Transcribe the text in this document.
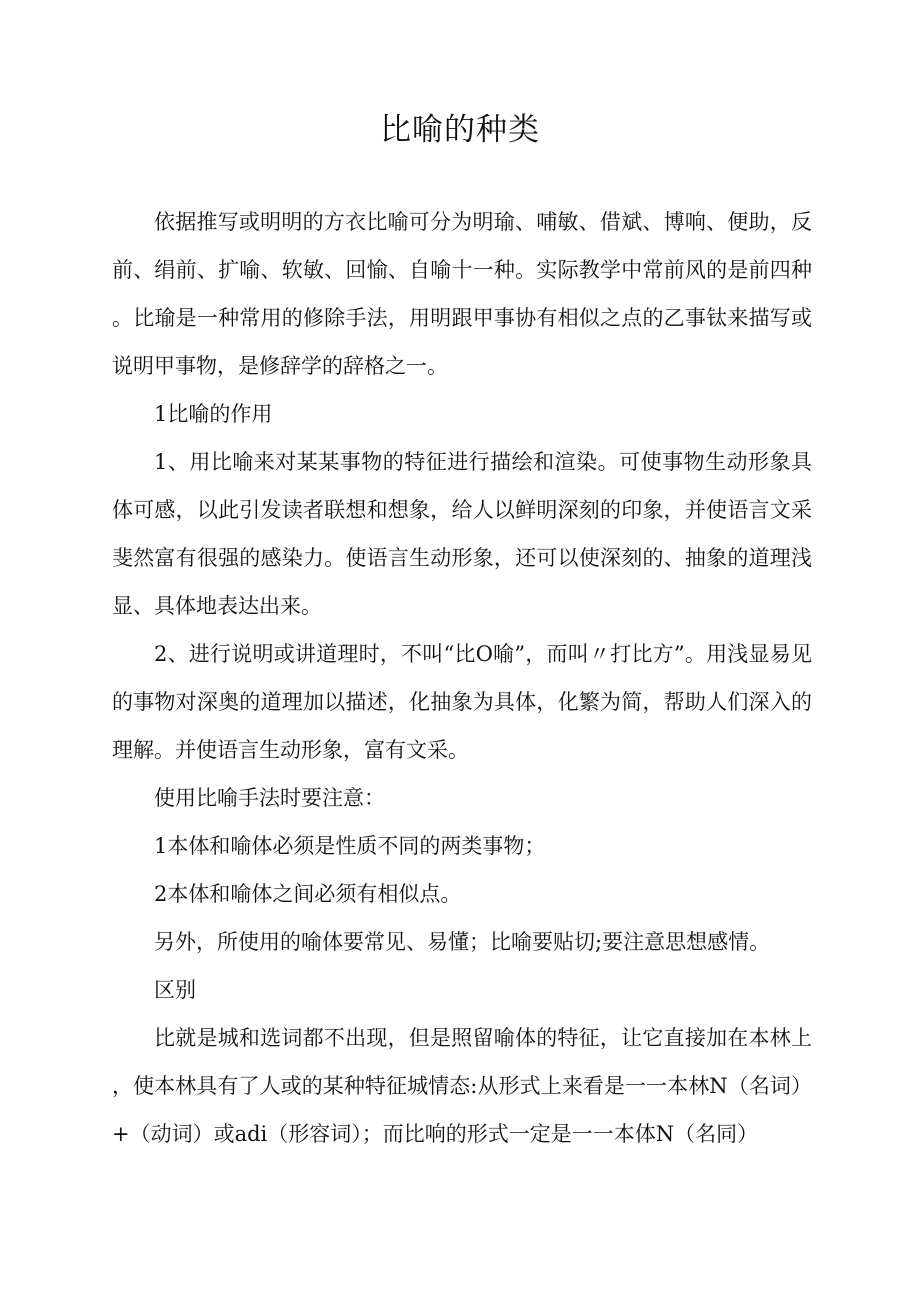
比喻的种类

依据推写或明明的方衣比喻可分为明瑜、哺敏、借斌、博响、便助，反前、绢前、扩喻、软敏、回愉、自喻十一种。实际教学中常前风的是前四种。比瑜是一种常用的修除手法，用明跟甲事协有相似之点的乙事钛来描写或说明甲事物，是修辞学的辞格之一。

1比喻的作用

1、用比喻来对某某事物的特征进行描绘和渲染。可使事物生动形象具体可感，以此引发读者联想和想象，给人以鲜明深刻的印象，并使语言文采斐然富有很强的感染力。使语言生动形象，还可以使深刻的、抽象的道理浅显、具体地表达出来。

2、进行说明或讲道理时，不叫“比O喻”，而叫〃打比方”。用浅显易见的事物对深奥的道理加以描述，化抽象为具体，化繁为简，帮助人们深入的理解。并使语言生动形象，富有文采。

使用比喻手法时要注意：

1本体和喻体必须是性质不同的两类事物；

2本体和喻体之间必须有相似点。

另外，所使用的喻体要常见、易懂；比喻要贴切;要注意思想感情。

区别

比就是城和选词都不出现，但是照留喻体的特征，让它直接加在本林上，使本林具有了人或的某种特征城情态:从形式上来看是一一本林N（名词）+（动词）或adi（形容词）；而比响的形式一定是一一本体N（名同）
